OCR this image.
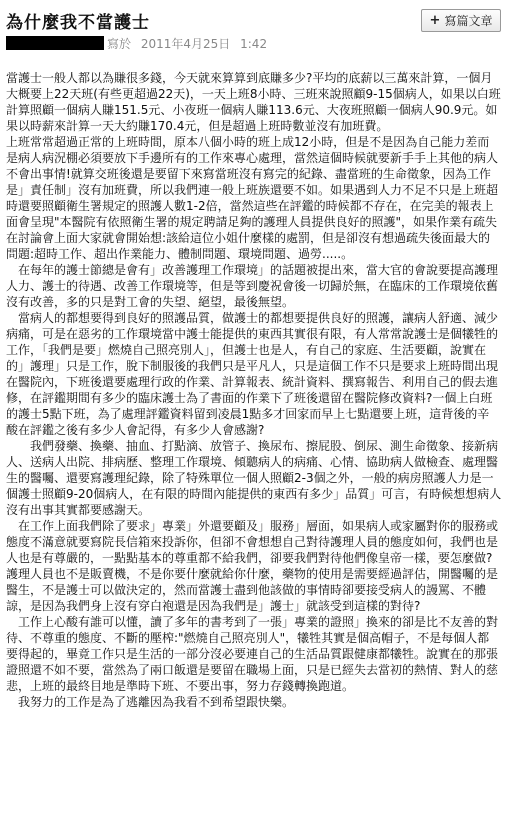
為什麼我不當護士	+ 寫篇文章
寫於 2011年4月25日 1:42
當護士一般人都以為賺很多錢，今天就來算算到底賺多少?平均的底薪以三萬來計算，一個月
大概要上22天班(有些更超過22天)，一天上班8小時、三班來說照顧9-15個病人，如果以白班
計算照顧一個病人賺151.5元、小夜班一個病人賺113.6元、大夜班照顧一個病人90.9元。如
果以時薪來計算一天大約賺170.4元，但是超過上班時數並沒有加班費。
上班常常超過正常的上班時間，原本八個小時的班上成12小時，但是不是因為自己能力差而
是病人病況棚必須要放下手邊所有的工作來專心處理，當然這個時候就要新手手上其他的病人
不會出事情!就算交班後還是要留下來寫當班沒有寫完的紀錄、盡當班的生命徵象，因為工作
是」責任制」沒有加班費，所以我們連一般上班族還要不如。如果遇到人力不足不只是上班超
時還要照顧衛生署規定的照護人數1-2倍，當然這些在評鑑的時候都不存在，在完美的報表上
面會呈現"本醫院有依照衛生署的規定聘請足夠的護理人員提供良好的照護"，如果作業有疏失
在討論會上面大家就會開始想:該給這位小姐什麼樣的處罰，但是卻沒有想過疏失後面最大的
問題:超時工作、超出作業能力、體制問題、環境問題、過勞.....。
　在每年的護士節總是會有」改善護理工作環境」的話題被提出來，當大官的會說要提高護理
人力、護士的待遇、改善工作環境等，但是等到慶祝會後一切歸於無，在臨床的工作環境依舊
沒有改善，多的只是對工會的失望、絕望，最後無望。
　當病人的都想要得到良好的照護品質，做護士的都想要提供良好的照護，讓病人舒適、減少
病痛，可是在惡劣的工作環境當中護士能提供的東西其實很有限，有人常常說護士是個犧牲的
工作，「我們是要」燃燒自己照亮別人」，但護士也是人，有自己的家庭、生活要顧，說實在
的」護理」只是工作，脫下制服後的我們只是平凡人，只是這個工作不只是要求上班時間出現
在醫院內，下班後還要處理行政的作業、計算報表、統計資料、撰寫報告、利用自己的假去進
修，在評鑑期間有多少的臨床護士為了書面的作業下了班後還留在醫院修改資料?一個上白班
的護士5點下班，為了處理評鑑資料留到凌晨1點多才回家而早上七點還要上班，這背後的辛
酸在評鑑之後有多少人會記得，有多少人會感謝?
　　我們發藥、換藥、抽血、打點滴、放管子、換尿布、擦屁股、倒尿、測生命徵象、接新病
人、送病人出院、排病歷、整理工作環境、傾聽病人的病痛、心情、協助病人做檢查、處理醫
生的醫囑、還要寫護理紀錄，除了特殊單位一個人照顧2-3個之外，一般的病房照護人力是一
個護士照顧9-20個病人，在有限的時間內能提供的東西有多少」品質」可言，有時候想想病人
沒有出事其實都要感謝天。
　在工作上面我們除了要求」專業」外還要顧及」服務」層面，如果病人或家屬對你的服務或
態度不滿意就要寫院長信箱來投訴你，但卻不會想想自己對待護理人員的態度如何，我們也是
人也是有尊嚴的，一點點基本的尊重都不給我們，卻要我們對待他們像皇帝一樣，要怎麼做?
護理人員也不是販賣機，不是你要什麼就給你什麼，藥物的使用是需要經過評估，開醫囑的是
醫生，不是護士可以做決定的，然而當護士盡到他該做的事情時卻要接受病人的謾罵、不體
諒，是因為我們身上沒有穿白袍還是因為我們是」護士」就該受到這樣的對待?
　工作上心酸有誰可以懂，讀了多年的書考到了一張」專業的證照」換來的卻是比不友善的對
待、不尊重的態度、不斷的壓榨:"燃燒自己照亮別人"，犧牲其實是個高帽子，不是每個人都
要得起的，畢竟工作只是生活的一部分沒必要連自己的生活品質跟健康都犧牲。說實在的那張
證照還不如不要，當然為了兩口飯還是要留在職場上面，只是已經失去當初的熱情、對人的慈
悲，上班的最終目地是準時下班、不要出事，努力存錢轉換跑道。
　我努力的工作是為了逃離因為我看不到希望跟快樂。
